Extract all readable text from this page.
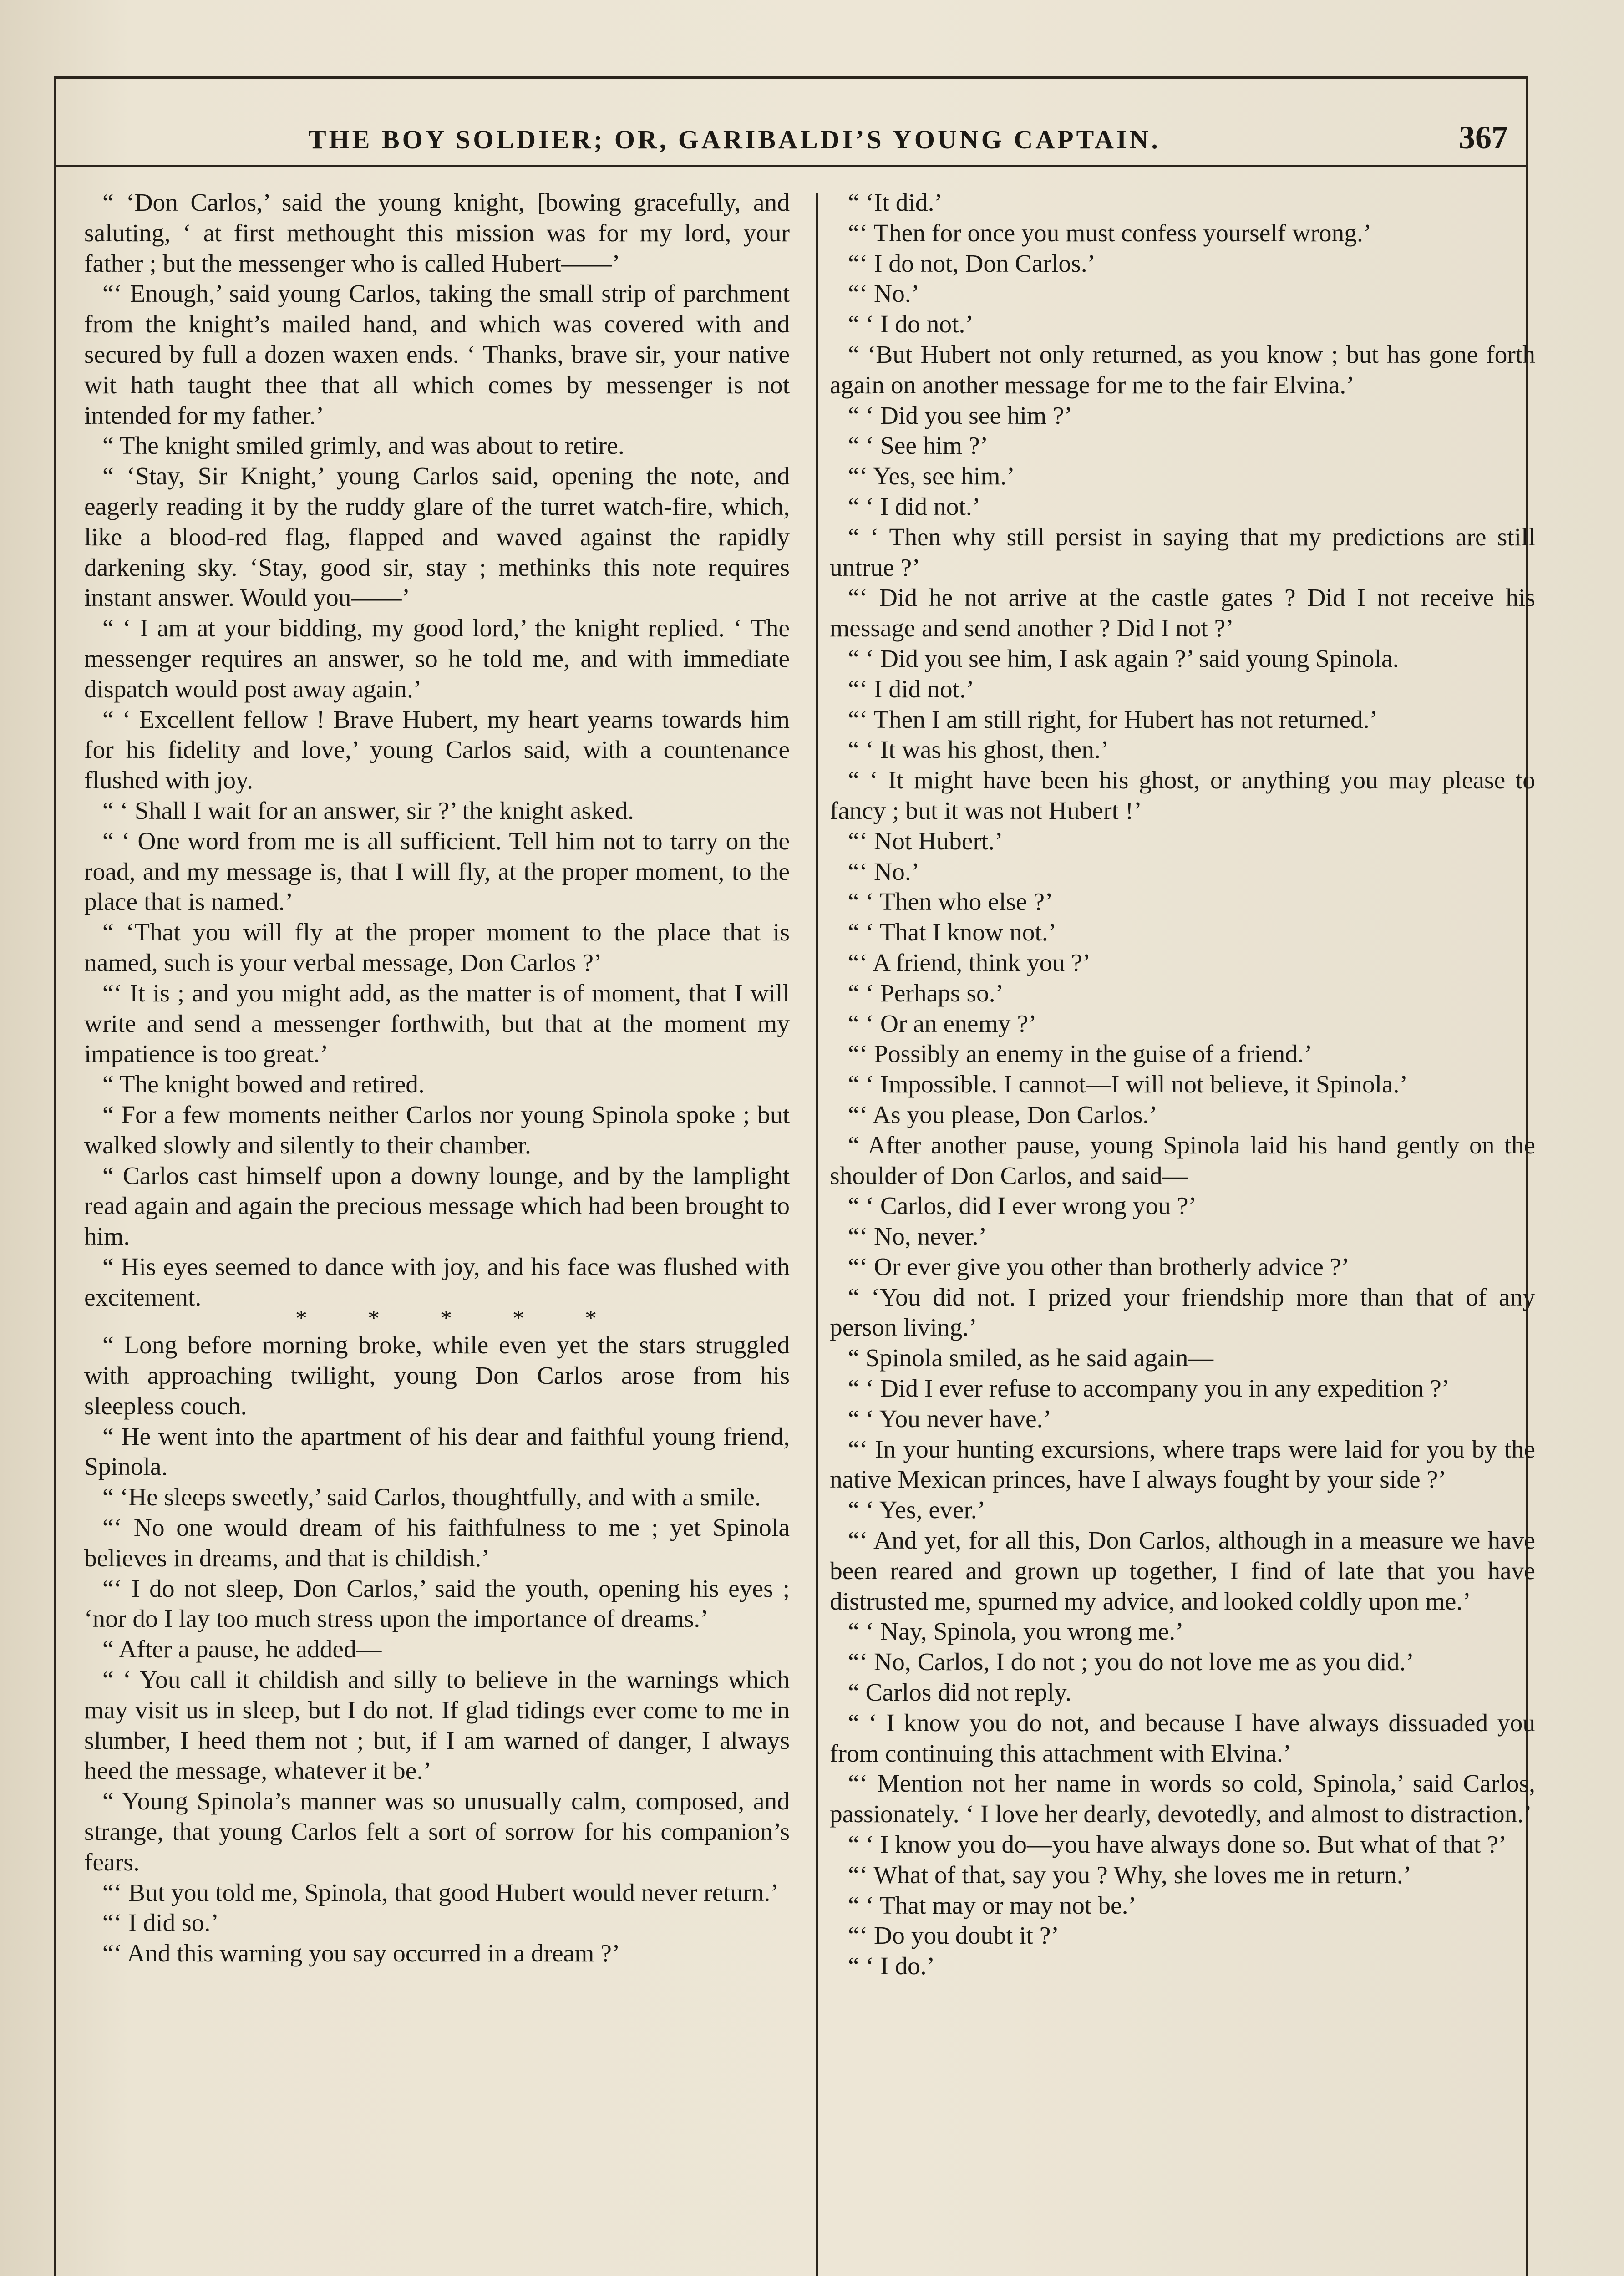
THE BOY SOLDIER; OR, GARIBALDI’S YOUNG CAPTAIN.	367

“ ‘Don Carlos,’ said the young knight, [bowing gracefully, and saluting, ‘ at first methought this mission was for my lord, your father ; but the messenger who is called Hubert——’

“‘ Enough,’ said young Carlos, taking the small strip of parchment from the knight’s mailed hand, and which was covered with and secured by full a dozen waxen ends. ‘ Thanks, brave sir, your native wit hath taught thee that all which comes by messenger is not intended for my father.’

“ The knight smiled grimly, and was about to retire.

“ ‘Stay, Sir Knight,’ young Carlos said, opening the note, and eagerly reading it by the ruddy glare of the turret watch-fire, which, like a blood-red flag, flapped and waved against the rapidly darkening sky. ‘Stay, good sir, stay ; methinks this note requires instant answer. Would you——’

“ ‘ I am at your bidding, my good lord,’ the knight replied. ‘ The messenger requires an answer, so he told me, and with immediate dispatch would post away again.’

“ ‘ Excellent fellow ! Brave Hubert, my heart yearns towards him for his fidelity and love,’ young Carlos said, with a countenance flushed with joy.

“ ‘ Shall I wait for an answer, sir ?’ the knight asked.

“ ‘ One word from me is all sufficient. Tell him not to tarry on the road, and my message is, that I will fly, at the proper moment, to the place that is named.’

“ ‘That you will fly at the proper moment to the place that is named, such is your verbal message, Don Carlos ?’

“‘ It is ; and you might add, as the matter is of moment, that I will write and send a messenger forthwith, but that at the moment my impatience is too great.’

“ The knight bowed and retired.

“ For a few moments neither Carlos nor young Spinola spoke ; but walked slowly and silently to their chamber.

“ Carlos cast himself upon a downy lounge, and by the lamplight read again and again the precious message which had been brought to him.

“ His eyes seemed to dance with joy, and his face was flushed with excitement.

* * * * *

“ Long before morning broke, while even yet the stars struggled with approaching twilight, young Don Carlos arose from his sleepless couch.

“ He went into the apartment of his dear and faithful young friend, Spinola.

“ ‘He sleeps sweetly,’ said Carlos, thoughtfully, and with a smile.

“‘ No one would dream of his faithfulness to me ; yet Spinola believes in dreams, and that is childish.’

“‘ I do not sleep, Don Carlos,’ said the youth, opening his eyes ; ‘nor do I lay too much stress upon the importance of dreams.’

“ After a pause, he added—

“ ‘ You call it childish and silly to believe in the warnings which may visit us in sleep, but I do not. If glad tidings ever come to me in slumber, I heed them not ; but, if I am warned of danger, I always heed the message, whatever it be.’

“ Young Spinola’s manner was so unusually calm, composed, and strange, that young Carlos felt a sort of sorrow for his companion’s fears.

“‘ But you told me, Spinola, that good Hubert would never return.’

“‘ I did so.’

“‘ And this warning you say occurred in a dream ?’

“ ‘It did.’

“‘ Then for once you must confess yourself wrong.’

“‘ I do not, Don Carlos.’

“‘ No.’

“ ‘ I do not.’

“ ‘But Hubert not only returned, as you know ; but has gone forth again on another message for me to the fair Elvina.’

“ ‘ Did you see him ?’

“ ‘ See him ?’

“‘ Yes, see him.’

“ ‘ I did not.’

“ ‘ Then why still persist in saying that my predictions are still untrue ?’

“‘ Did he not arrive at the castle gates ? Did I not receive his message and send another ? Did I not ?’

“ ‘ Did you see him, I ask again ?’ said young Spinola.

“‘ I did not.’

“‘ Then I am still right, for Hubert has not returned.’

“ ‘ It was his ghost, then.’

“ ‘ It might have been his ghost, or anything you may please to fancy ; but it was not Hubert !’

“‘ Not Hubert.’

“‘ No.’

“ ‘ Then who else ?’

“ ‘ That I know not.’

“‘ A friend, think you ?’

“ ‘ Perhaps so.’

“ ‘ Or an enemy ?’

“‘ Possibly an enemy in the guise of a friend.’

“ ‘ Impossible. I cannot—I will not believe, it Spinola.’

“‘ As you please, Don Carlos.’

“ After another pause, young Spinola laid his hand gently on the shoulder of Don Carlos, and said—

“ ‘ Carlos, did I ever wrong you ?’

“‘ No, never.’

“‘ Or ever give you other than brotherly advice ?’

“ ‘You did not. I prized your friendship more than that of any person living.’

“ Spinola smiled, as he said again—

“ ‘ Did I ever refuse to accompany you in any expedition ?’

“ ‘ You never have.’

“‘ In your hunting excursions, where traps were laid for you by the native Mexican princes, have I always fought by your side ?’

“ ‘ Yes, ever.’

“‘ And yet, for all this, Don Carlos, although in a measure we have been reared and grown up together, I find of late that you have distrusted me, spurned my advice, and looked coldly upon me.’

“ ‘ Nay, Spinola, you wrong me.’

“‘ No, Carlos, I do not ; you do not love me as you did.’

“ Carlos did not reply.

“ ‘ I know you do not, and because I have always dissuaded you from continuing this attachment with Elvina.’

“‘ Mention not her name in words so cold, Spinola,’ said Carlos, passionately. ‘ I love her dearly, devotedly, and almost to distraction.’

“ ‘ I know you do—you have always done so. But what of that ?’

“‘ What of that, say you ? Why, she loves me in return.’

“ ‘ That may or may not be.’

“‘ Do you doubt it ?’

“ ‘ I do.’
